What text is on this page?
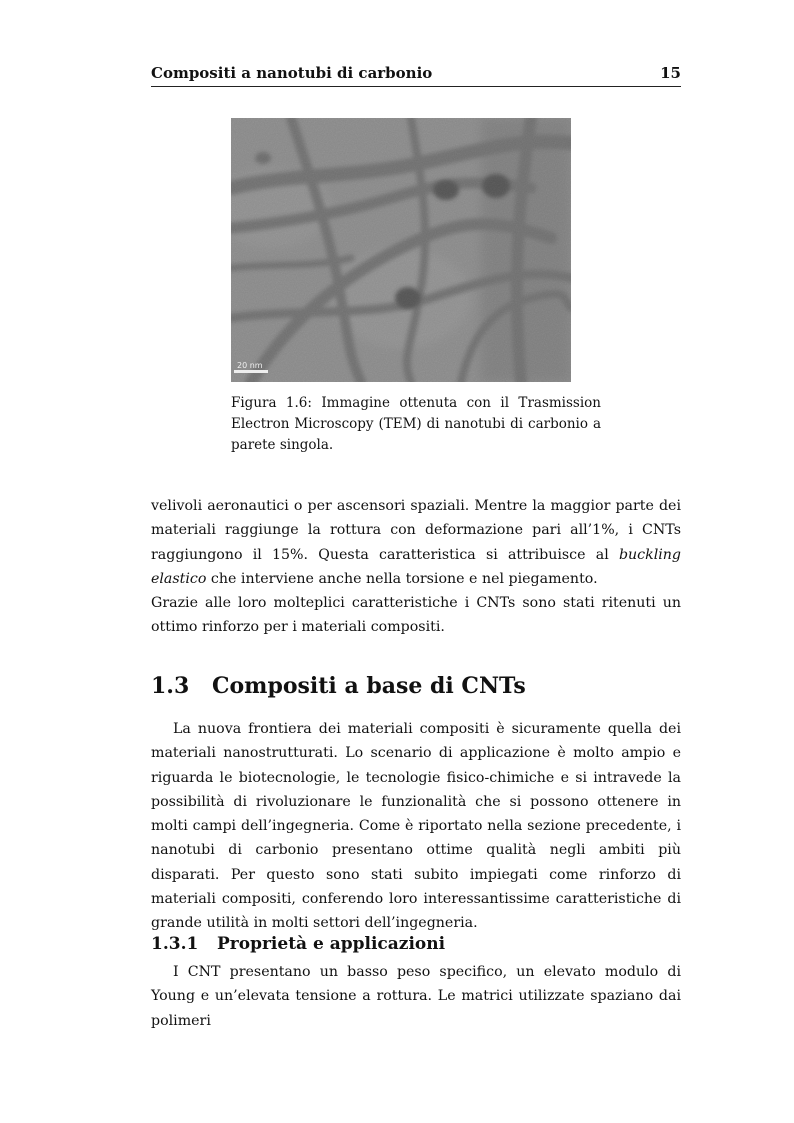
Compositi a nanotubi di carbonio	15
20 nm
Figura 1.6: Immagine ottenuta con il Trasmission Electron Microscopy (TEM) di nanotubi di carbonio a parete singola.

velivoli aeronautici o per ascensori spaziali. Mentre la maggior parte dei materiali raggiunge la rottura con deformazione pari all’1%, i CNTs raggiungono il 15%. Questa caratteristica si attribuisce al buckling elastico che interviene anche nella torsione e nel piegamento.

Grazie alle loro molteplici caratteristiche i CNTs sono stati ritenuti un ottimo rinforzo per i materiali compositi.

1.3 Compositi a base di CNTs

La nuova frontiera dei materiali compositi è sicuramente quella dei materiali nanostrutturati. Lo scenario di applicazione è molto ampio e riguarda le biotecnologie, le tecnologie fisico-chimiche e si intravede la possibilità di rivoluzionare le funzionalità che si possono ottenere in molti campi dell’ingegneria. Come è riportato nella sezione precedente, i nanotubi di carbonio presentano ottime qualità negli ambiti più disparati. Per questo sono stati subito impiegati come rinforzo di materiali compositi, conferendo loro interessantissime caratteristiche di grande utilità in molti settori dell’ingegneria.

1.3.1 Proprietà e applicazioni

I CNT presentano un basso peso specifico, un elevato modulo di Young e un’elevata tensione a rottura. Le matrici utilizzate spaziano dai polimeri
